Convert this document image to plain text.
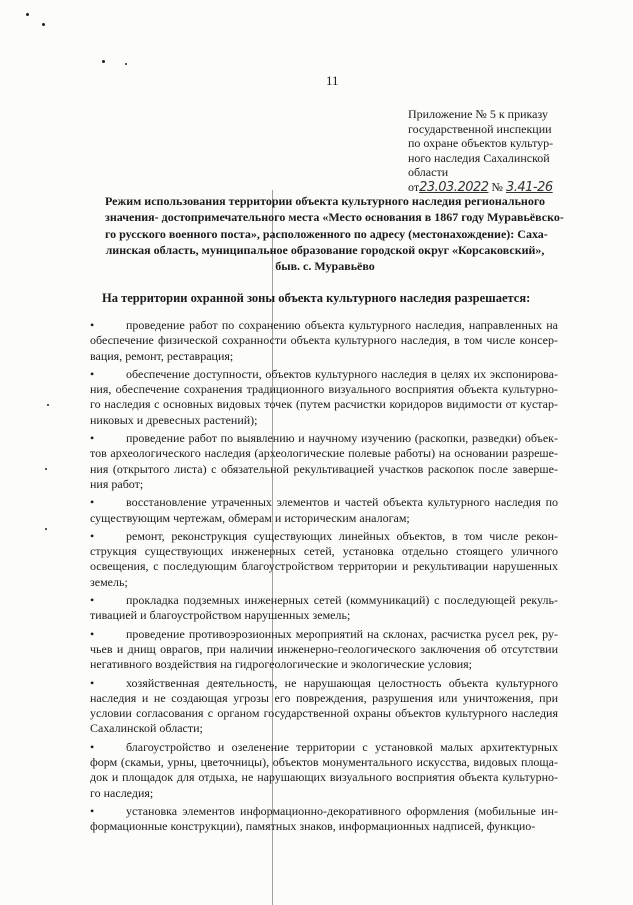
11
Приложение № 5 к приказу
государственной инспекции
по охране объектов культур-
ного наследия Сахалинской
области
от23.03.2022 № 3.41-26
Режим использования территории объекта культурного наследия регионального
значения- достопримечательного места «Место основания в 1867 году Муравьёвско-
го русского военного поста», расположенного по адресу (местонахождение): Саха-
линская область, муниципальное образование городской округ «Корсаковский»,
быв. с. Муравьёво
На территории охранной зоны объекта культурного наследия разрешается:
•	проведение работ по сохранению объекта культурного наследия, направленных на обеспечение физической сохранности объекта культурного наследия, в том числе консер-вация, ремонт, реставрация;
•	обеспечение доступности, объектов культурного наследия в целях их экспонирова-ния, обеспечение сохранения традиционного визуального восприятия объекта культурно-го наследия с основных видовых точек (путем расчистки коридоров видимости от кустар-никовых и древесных растений);
•	проведение работ по выявлению и научному изучению (раскопки, разведки) объек-тов археологического наследия (археологические полевые работы) на основании разреше-ния (открытого листа) с обязательной рекультивацией участков раскопок после заверше-ния работ;
•	восстановление утраченных элементов и частей объекта культурного наследия по существующим чертежам, обмерам и историческим аналогам;
•	ремонт, реконструкция существующих линейных объектов, в том числе рекон-струкция существующих инженерных сетей, установка отдельно стоящего уличного освещения, с последующим благоустройством территории и рекультивации нарушенных земель;
•	прокладка подземных инженерных сетей (коммуникаций) с последующей рекуль-тивацией и благоустройством нарушенных земель;
•	проведение противоэрозионных мероприятий на склонах, расчистка русел рек, ру-чьев и днищ оврагов, при наличии инженерно-геологического заключения об отсутствии негативного воздействия на гидрогеологические и экологические условия;
•	хозяйственная деятельность, не нарушающая целостность объекта культурного наследия и не создающая угрозы его повреждения, разрушения или уничтожения, при условии согласования с органом государственной охраны объектов культурного наследия Сахалинской области;
•	благоустройство и озеленение территории с установкой малых архитектурных форм (скамьи, урны, цветочницы), объектов монументального искусства, видовых площа-док и площадок для отдыха, не нарушающих визуального восприятия объекта культурно-го наследия;
•	установка элементов информационно-декоративного оформления (мобильные ин-формационные конструкции), памятных знаков, информационных надписей, функцио-
